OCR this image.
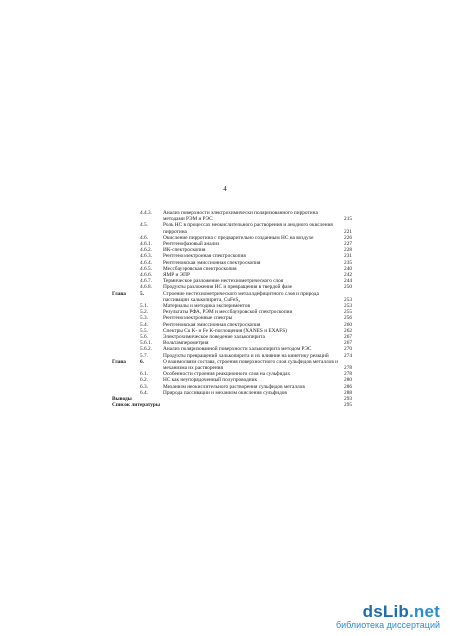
4
4.4.3.	Анализ поверхности электрохимически поляризованного пирротина методами РЭМ и РЭС	215
4.5.	Роль НС в процессах неокислительного растворения и анодного окисления пирротина	221
4.6.	Окисление пирротина с предварительно созданным НС на воздухе	226
4.6.1.	Рентгенофазовый анализ	227
4.6.2.	ИК-спектроскопия	228
4.6.3.	Рентгеноэлектронная спектроскопия	231
4.6.4.	Рентгеновская эмиссионная спектроскопия	235
4.6.5.	Мессбауэровская спектроскопия	240
4.6.6.	ЯМР и ЭПР	242
4.6.7.	Термическое разложение нестехиометрического слоя	244
4.6.8.	Продукты разложения НС и превращения в твердой фазе	250
Глава	5.	Строение нестехиометрического металлдефицитного слоя и природа пассивации халькопирита, CuFeS₂	253
5.1.	Материалы и методика экспериментов	253
5.2.	Результаты РФА, РЭМ и мессбауэровской спектроскопии	255
5.3.	Рентгеноэлектронные спектры	256
5.4.	Рентгеновская эмиссионная спектроскопия	260
5.5.	Спектры Cu K- и Fe K-поглощения (XANES и EXAFS)	262
5.6.	Электрохимическое поведение халькопирита	267
5.6.1.	Вольтамперометрия	267
5.6.2.	Анализ поляризованной поверхности халькопирита методом РЭС	270
5.7.	Продукты превращений халькопирита и их влияние на кинетику реакций	274
Глава	6.	О взаимосвязи состава, строения поверхностного слоя сульфидов металлов и механизма их растворения	278
6.1.	Особенности строения реакционного слоя на сульфидах	278
6.2.	НС как неупорядоченный полупроводник	280
6.3.	Механизм неокислительного растворения сульфидов металлов	286
6.4.	Природа пассивации и механизм окисления сульфидов	288
Выводы	293
Список литературы	295
dsLib.net
библиотека диссертаций
